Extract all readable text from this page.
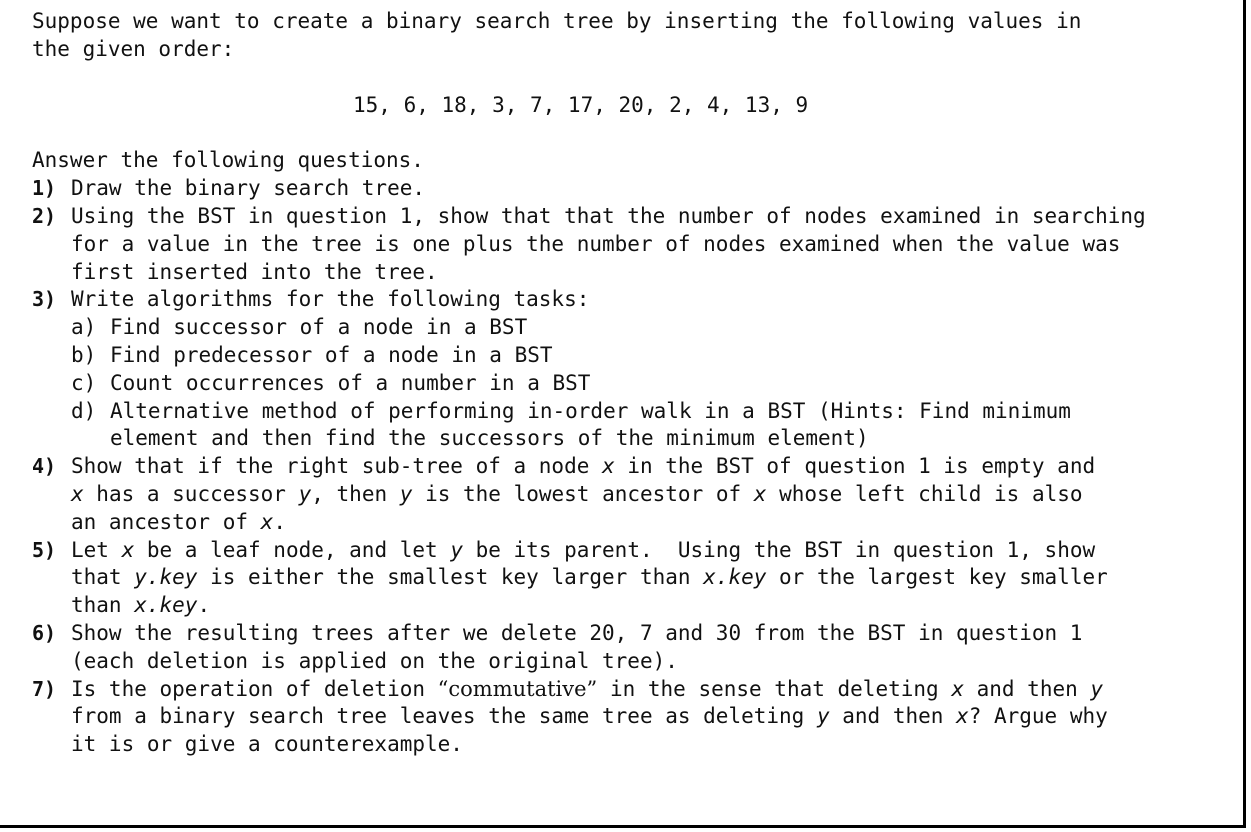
Suppose we want to create a binary search tree by inserting the following values in
the given order:
15, 6, 18, 3, 7, 17, 20, 2, 4, 13, 9
Answer the following questions.
1) Draw the binary search tree.
2) Using the BST in question 1, show that that the number of nodes examined in searching
for a value in the tree is one plus the number of nodes examined when the value was
first inserted into the tree.
3) Write algorithms for the following tasks:
a) Find successor of a node in a BST
b) Find predecessor of a node in a BST
c) Count occurrences of a number in a BST
d) Alternative method of performing in-order walk in a BST (Hints: Find minimum
element and then find the successors of the minimum element)
4) Show that if the right sub-tree of a node x in the BST of question 1 is empty and
x has a successor y, then y is the lowest ancestor of x whose left child is also
an ancestor of x.
5) Let x be a leaf node, and let y be its parent.  Using the BST in question 1, show
that y.key is either the smallest key larger than x.key or the largest key smaller
than x.key.
6) Show the resulting trees after we delete 20, 7 and 30 from the BST in question 1
(each deletion is applied on the original tree).
7) Is the operation of deletion “commutative” in the sense that deleting x and then y
from a binary search tree leaves the same tree as deleting y and then x? Argue why
it is or give a counterexample.
